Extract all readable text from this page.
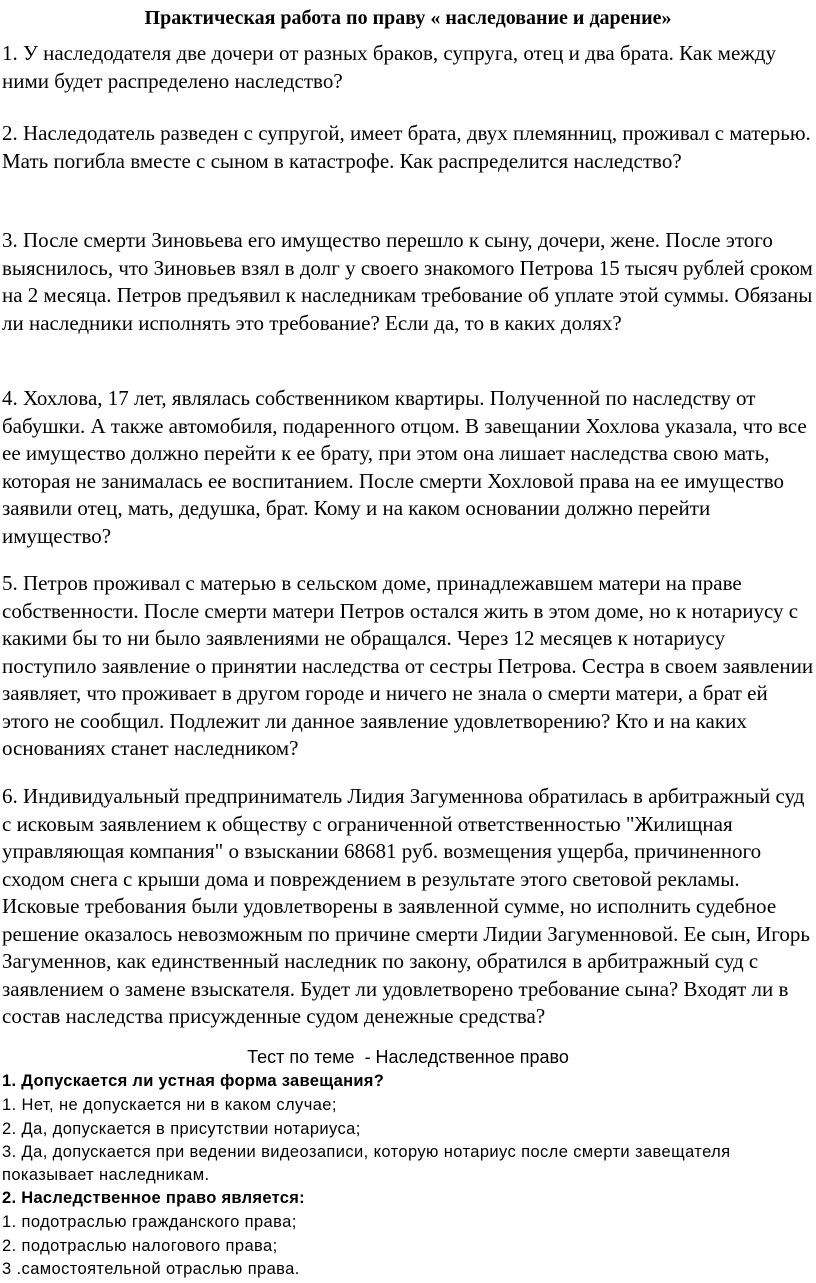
Практическая работа по праву « наследование и дарение»

1. У наследодателя две дочери от разных браков, супруга, отец и два брата. Как между ними будет распределено наследство?

2. Наследодатель разведен с супругой, имеет брата, двух племянниц, проживал с матерью. Мать погибла вместе с сыном в катастрофе. Как распределится наследство?

3. После смерти Зиновьева его имущество перешло к сыну, дочери, жене. После этого выяснилось, что Зиновьев взял в долг у своего знакомого Петрова 15 тысяч рублей сроком на 2 месяца. Петров предъявил к наследникам требование об уплате этой суммы. Обязаны ли наследники исполнять это требование? Если да, то в каких долях?

4. Хохлова, 17 лет, являлась собственником квартиры. Полученной по наследству от бабушки. А также автомобиля, подаренного отцом. В завещании Хохлова указала, что все ее имущество должно перейти к ее брату, при этом она лишает наследства свою мать, которая не занималась ее воспитанием. После смерти Хохловой права на ее имущество заявили отец, мать, дедушка, брат. Кому и на каком основании должно перейти имущество?

5. Петров проживал с матерью в сельском доме, принадлежавшем матери на праве собственности. После смерти матери Петров остался жить в этом доме, но к нотариусу с какими бы то ни было заявлениями не обращался. Через 12 месяцев к нотариусу поступило заявление о принятии наследства от сестры Петрова. Сестра в своем заявлении заявляет, что проживает в другом городе и ничего не знала о смерти матери, а брат ей этого не сообщил. Подлежит ли данное заявление удовлетворению? Кто и на каких основаниях станет наследником?

6. Индивидуальный предприниматель Лидия Загуменнова обратилась в арбитражный суд с исковым заявлением к обществу с ограниченной ответственностью "Жилищная управляющая компания" о взыскании 68681 руб. возмещения ущерба, причиненного сходом снега с крыши дома и повреждением в результате этого световой рекламы. Исковые требования были удовлетворены в заявленной сумме, но исполнить судебное решение оказалось невозможным по причине смерти Лидии Загуменновой. Ее сын, Игорь Загуменнов, как единственный наследник по закону, обратился в арбитражный суд с заявлением о замене взыскателя. Будет ли удовлетворено требование сына? Входят ли в состав наследства присужденные судом денежные средства?

Тест по теме  - Наследственное право

1. Допускается ли устная форма завещания?

1. Нет, не допускается ни в каком случае;

2. Да, допускается в присутствии нотариуса;

3. Да, допускается при ведении видеозаписи, которую нотариус после смерти завещателя показывает наследникам.

2. Наследственное право является:

1. подотраслью гражданского права;

2. подотраслью налогового права;

3 .самостоятельной отраслью права.
